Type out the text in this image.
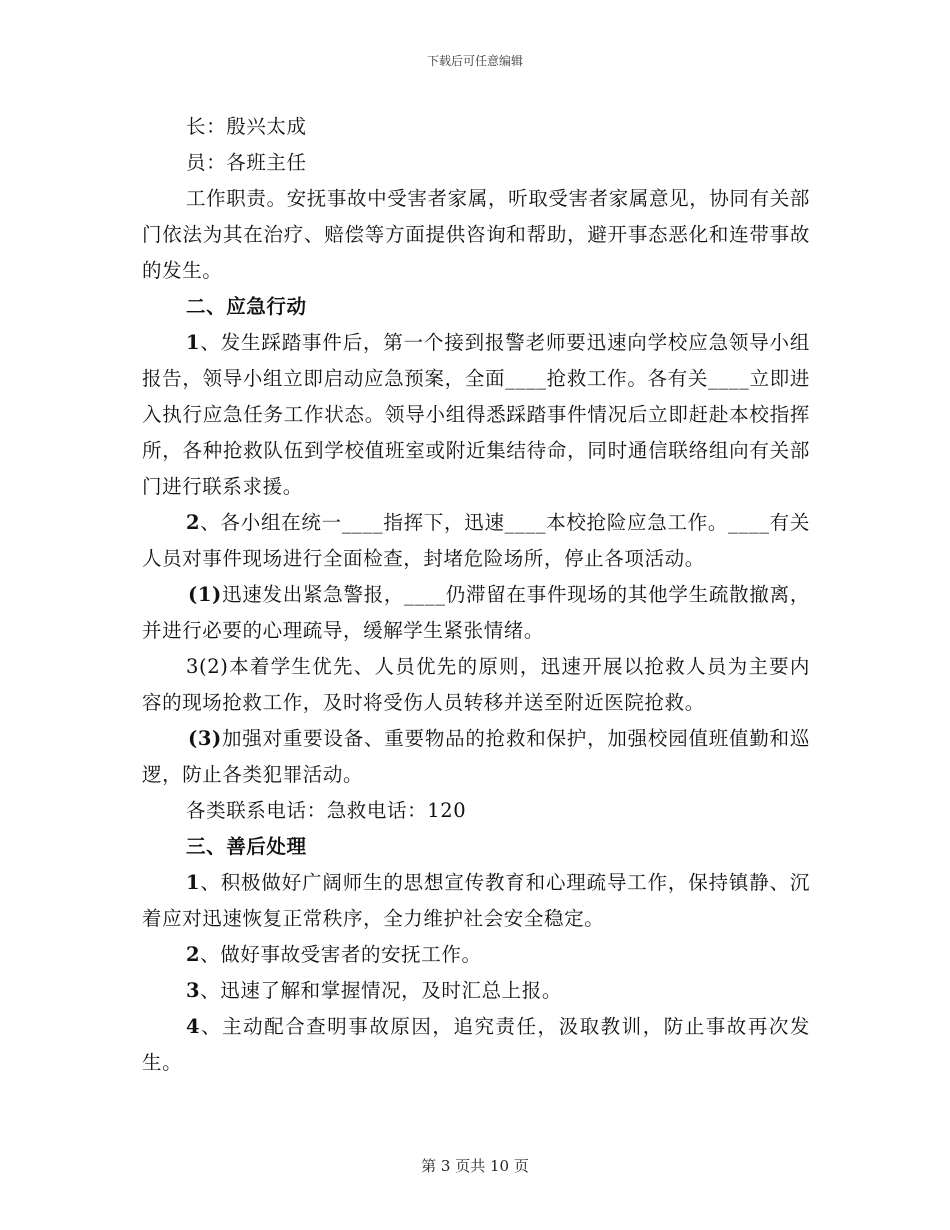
下载后可任意编辑

长：殷兴太成

员：各班主任

工作职责。安抚事故中受害者家属，听取受害者家属意见，协同有关部门依法为其在治疗、赔偿等方面提供咨询和帮助，避开事态恶化和连带事故的发生。

二、应急行动

1、发生踩踏事件后，第一个接到报警老师要迅速向学校应急领导小组报告，领导小组立即启动应急预案，全面____抢救工作。各有关____立即进入执行应急任务工作状态。领导小组得悉踩踏事件情况后立即赶赴本校指挥所，各种抢救队伍到学校值班室或附近集结待命，同时通信联络组向有关部门进行联系求援。

2、各小组在统一____指挥下，迅速____本校抢险应急工作。____有关人员对事件现场进行全面检查，封堵危险场所，停止各项活动。

(1)迅速发出紧急警报，____仍滞留在事件现场的其他学生疏散撤离，并进行必要的心理疏导，缓解学生紧张情绪。

3(2)本着学生优先、人员优先的原则，迅速开展以抢救人员为主要内容的现场抢救工作，及时将受伤人员转移并送至附近医院抢救。

(3)加强对重要设备、重要物品的抢救和保护，加强校园值班值勤和巡逻，防止各类犯罪活动。

各类联系电话：急救电话：120

三、善后处理

1、积极做好广阔师生的思想宣传教育和心理疏导工作，保持镇静、沉着应对迅速恢复正常秩序，全力维护社会安全稳定。

2、做好事故受害者的安抚工作。

3、迅速了解和掌握情况，及时汇总上报。

4、主动配合查明事故原因，追究责任，汲取教训，防止事故再次发生。

第 3 页共 10 页
